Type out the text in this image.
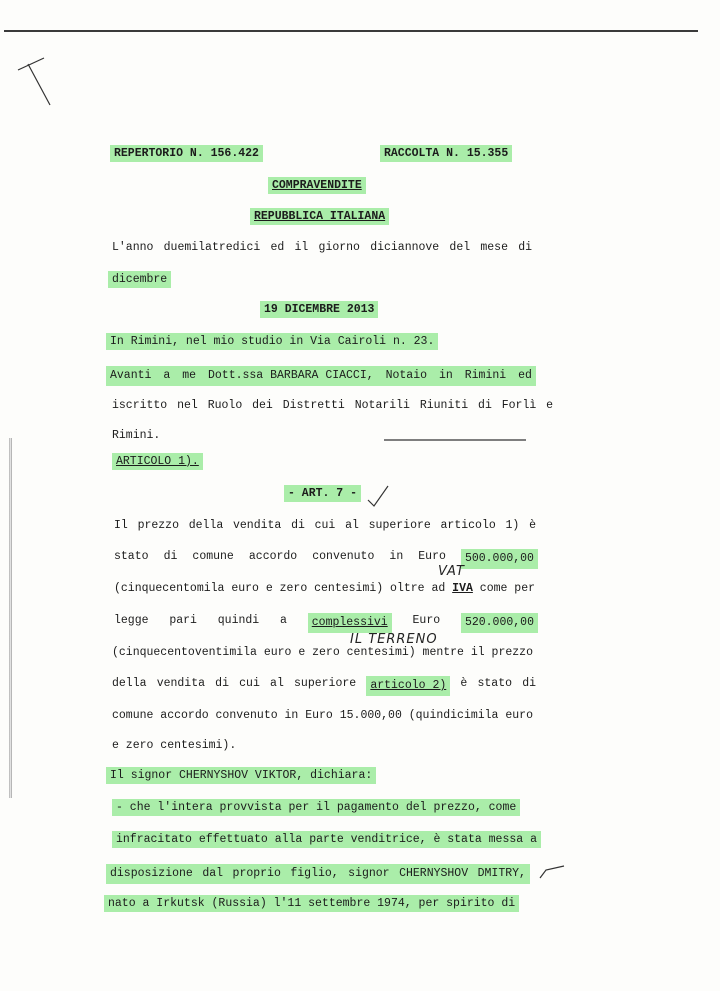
REPERTORIO N. 156.422	RACCOLTA N. 15.355
COMPRAVENDITE
REPUBBLICA ITALIANA
L'anno duemilatredici ed il giorno diciannove del mese di
dicembre
19 DICEMBRE 2013
In Rimini, nel mio studio in Via Cairoli n. 23.
Avanti a me Dott.ssa BARBARA CIACCI, Notaio in Rimini ed
iscritto nel Ruolo dei Distretti Notarili Riuniti di Forlì e
Rimini.
ARTICOLO 1).
- ART. 7 -
Il prezzo della vendita di cui al superiore articolo 1) è
stato di comune accordo convenuto in Euro	500.000,00
(cinquecentomila euro e zero centesimi) oltre ad IVA come per
VAT
legge pari quindi a	complessivi	Euro	520.000,00
(cinquecentoventimila euro e zero centesimi) mentre il prezzo
IL TERRENO
della vendita di cui al superiore	articolo 2)	è stato di
comune accordo convenuto in Euro 15.000,00 (quindicimila euro
e zero centesimi).
Il signor CHERNYSHOV VIKTOR, dichiara:
- che l'intera provvista per il pagamento del prezzo, come
infracitato effettuato alla parte venditrice, è stata messa a
disposizione dal proprio figlio, signor CHERNYSHOV DMITRY,
nato a Irkutsk (Russia) l'11 settembre 1974, per spirito di
